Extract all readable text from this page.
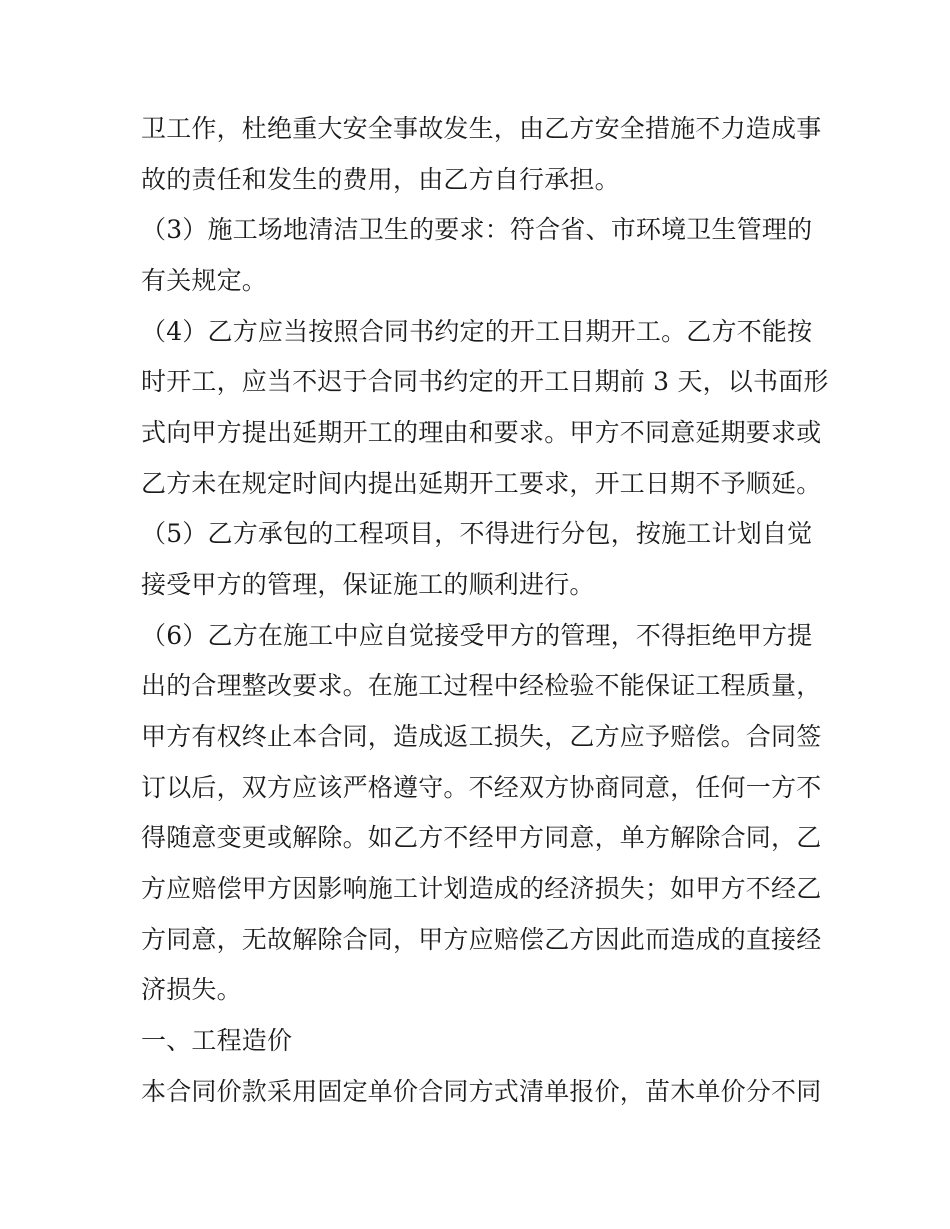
卫工作，杜绝重大安全事故发生，由乙方安全措施不力造成事
故的责任和发生的费用，由乙方自行承担。
（3）施工场地清洁卫生的要求：符合省、市环境卫生管理的
有关规定。
（4）乙方应当按照合同书约定的开工日期开工。乙方不能按
时开工，应当不迟于合同书约定的开工日期前 3 天，以书面形
式向甲方提出延期开工的理由和要求。甲方不同意延期要求或
乙方未在规定时间内提出延期开工要求，开工日期不予顺延。
（5）乙方承包的工程项目，不得进行分包，按施工计划自觉
接受甲方的管理，保证施工的顺利进行。
（6）乙方在施工中应自觉接受甲方的管理，不得拒绝甲方提
出的合理整改要求。在施工过程中经检验不能保证工程质量，
甲方有权终止本合同，造成返工损失，乙方应予赔偿。合同签
订以后，双方应该严格遵守。不经双方协商同意，任何一方不
得随意变更或解除。如乙方不经甲方同意，单方解除合同，乙
方应赔偿甲方因影响施工计划造成的经济损失；如甲方不经乙
方同意，无故解除合同，甲方应赔偿乙方因此而造成的直接经
济损失。
一、工程造价
本合同价款采用固定单价合同方式清单报价，苗木单价分不同
